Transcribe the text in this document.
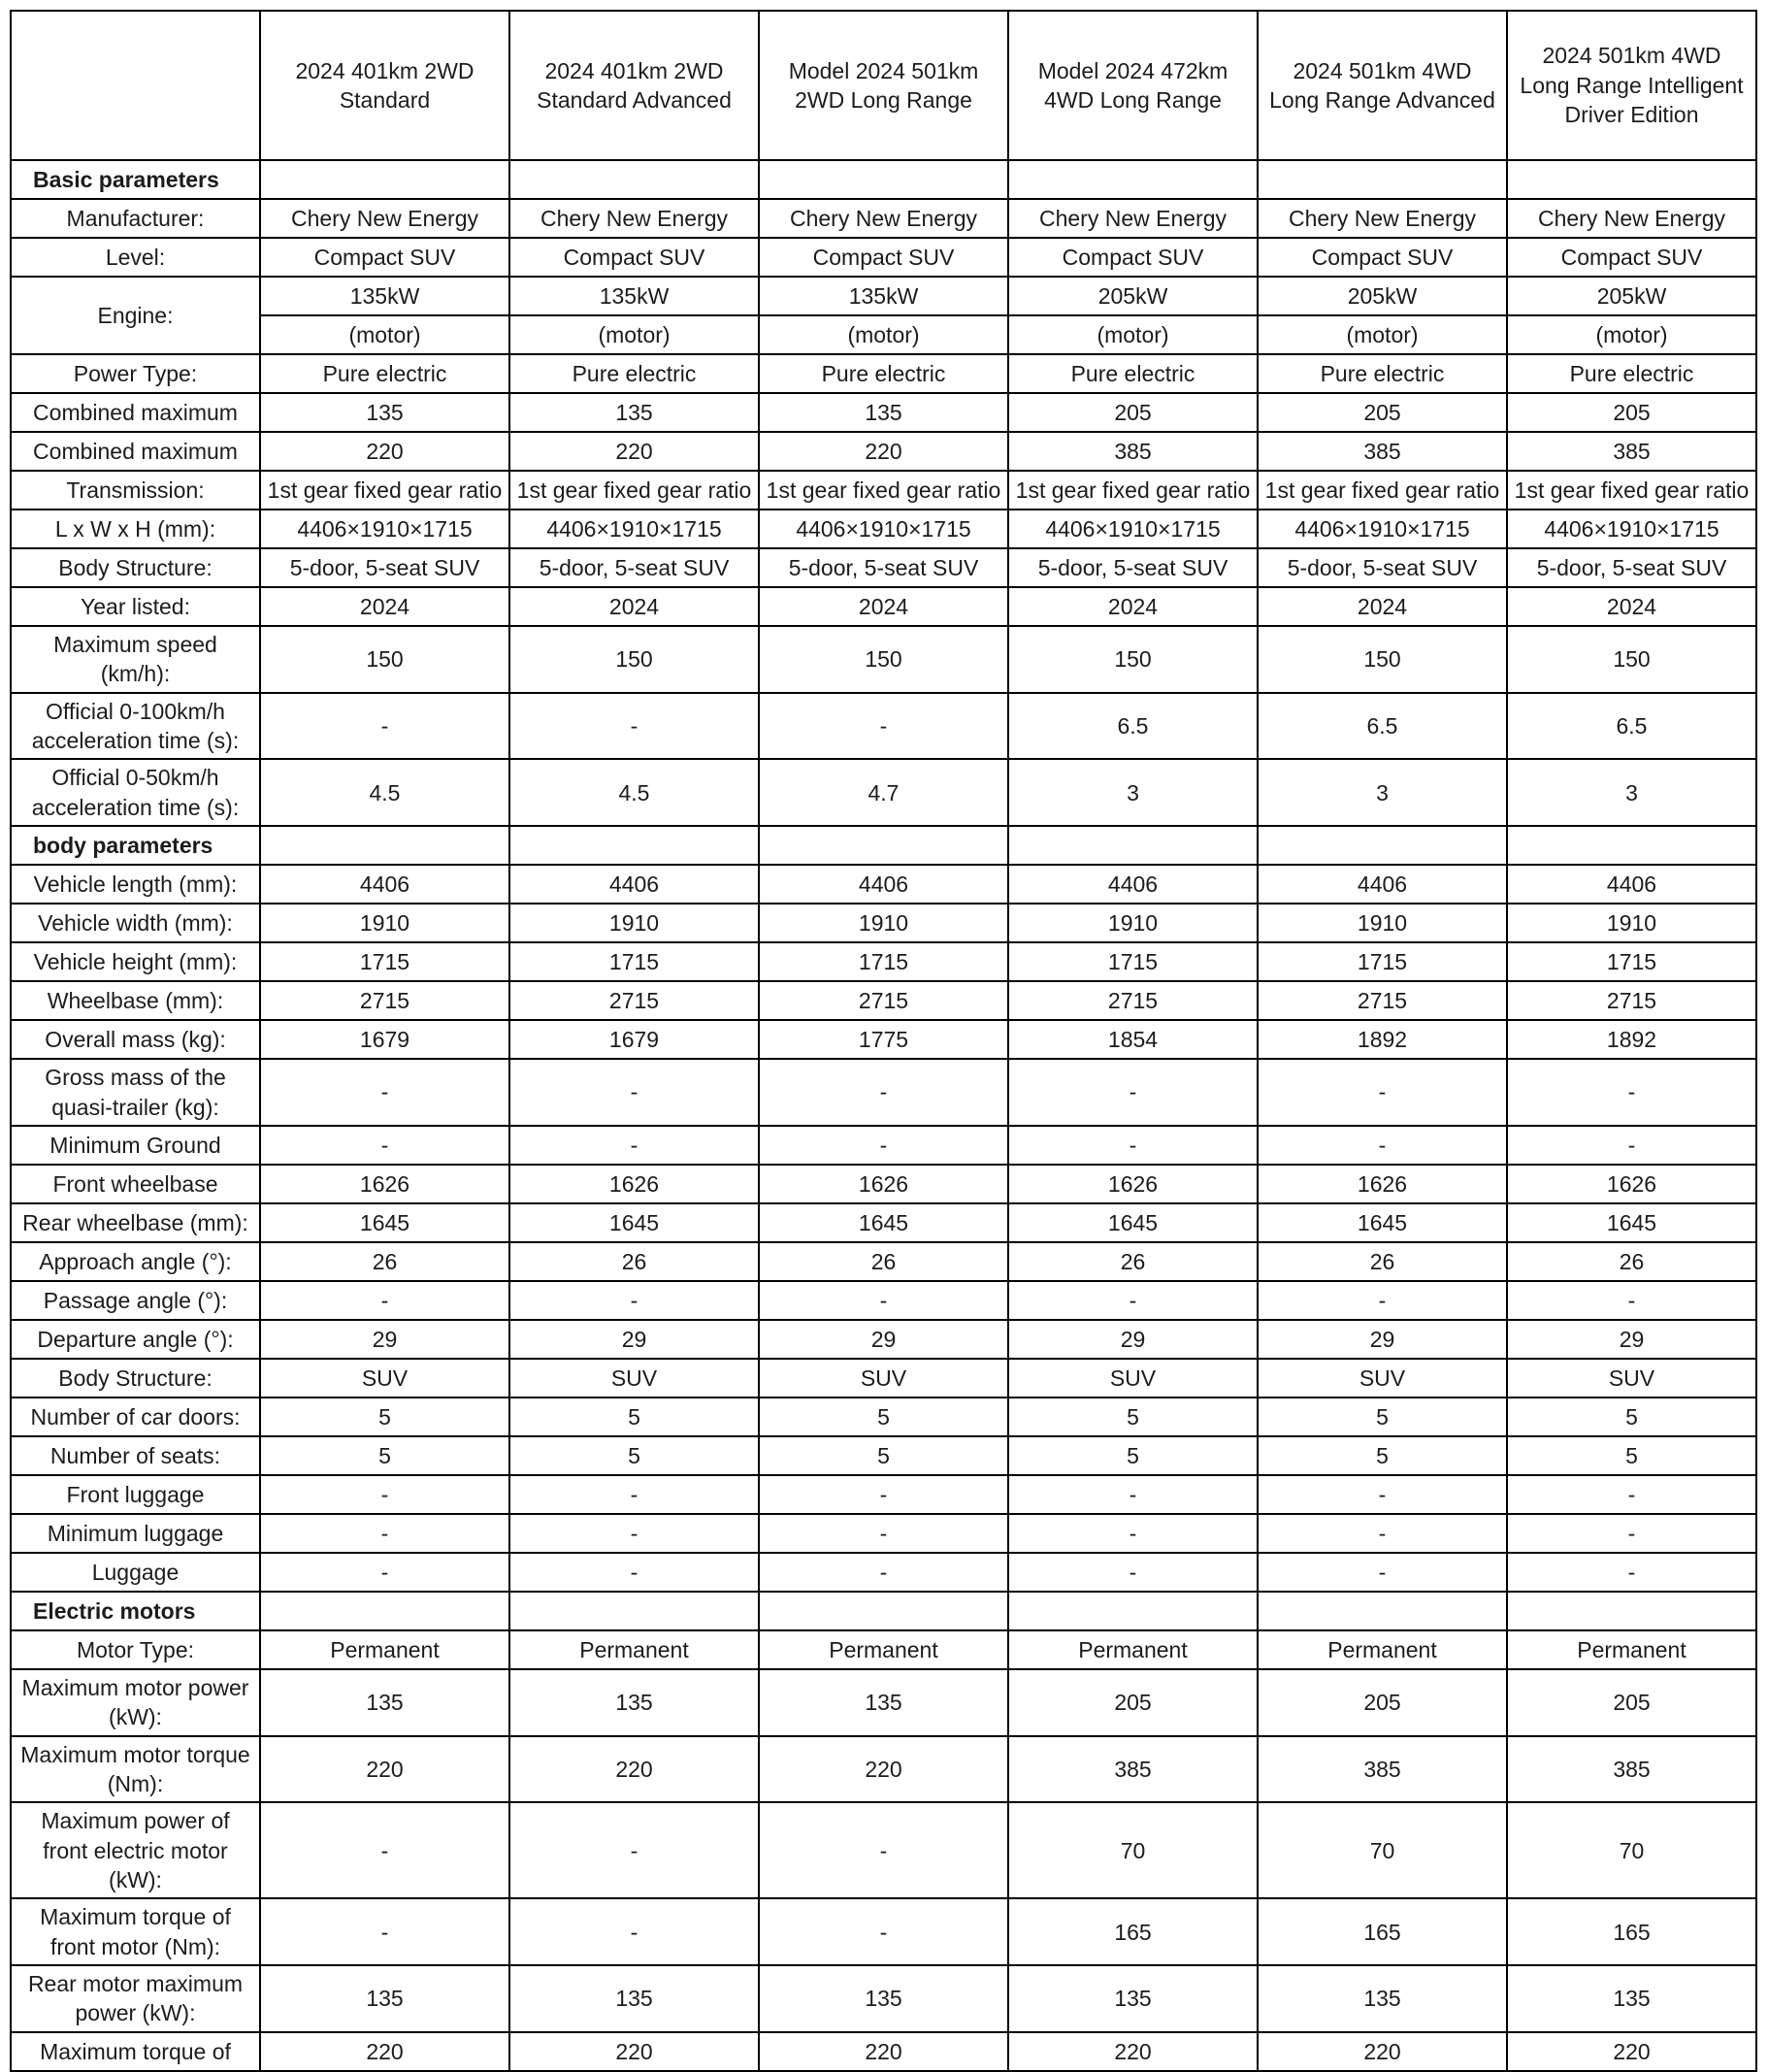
	2024 401km 2WD Standard	2024 401km 2WD Standard Advanced	Model 2024 501km 2WD Long Range	Model 2024 472km 4WD Long Range	2024 501km 4WD Long Range Advanced	2024 501km 4WD Long Range Intelligent Driver Edition
Basic parameters						
Manufacturer:	Chery New Energy	Chery New Energy	Chery New Energy	Chery New Energy	Chery New Energy	Chery New Energy
Level:	Compact SUV	Compact SUV	Compact SUV	Compact SUV	Compact SUV	Compact SUV
Engine:	135kW	135kW	135kW	205kW	205kW	205kW
	(motor)	(motor)	(motor)	(motor)	(motor)	(motor)
Power Type:	Pure electric	Pure electric	Pure electric	Pure electric	Pure electric	Pure electric
Combined maximum	135	135	135	205	205	205
Combined maximum	220	220	220	385	385	385
Transmission:	1st gear fixed gear ratio	1st gear fixed gear ratio	1st gear fixed gear ratio	1st gear fixed gear ratio	1st gear fixed gear ratio	1st gear fixed gear ratio
L x W x H (mm):	4406×1910×1715	4406×1910×1715	4406×1910×1715	4406×1910×1715	4406×1910×1715	4406×1910×1715
Body Structure:	5-door, 5-seat SUV	5-door, 5-seat SUV	5-door, 5-seat SUV	5-door, 5-seat SUV	5-door, 5-seat SUV	5-door, 5-seat SUV
Year listed:	2024	2024	2024	2024	2024	2024
Maximum speed (km/h):	150	150	150	150	150	150
Official 0-100km/h acceleration time (s):	-	-	-	6.5	6.5	6.5
Official 0-50km/h acceleration time (s):	4.5	4.5	4.7	3	3	3
body parameters						
Vehicle length (mm):	4406	4406	4406	4406	4406	4406
Vehicle width (mm):	1910	1910	1910	1910	1910	1910
Vehicle height (mm):	1715	1715	1715	1715	1715	1715
Wheelbase (mm):	2715	2715	2715	2715	2715	2715
Overall mass (kg):	1679	1679	1775	1854	1892	1892
Gross mass of the quasi-trailer (kg):	-	-	-	-	-	-
Minimum Ground	-	-	-	-	-	-
Front wheelbase	1626	1626	1626	1626	1626	1626
Rear wheelbase (mm):	1645	1645	1645	1645	1645	1645
Approach angle (°):	26	26	26	26	26	26
Passage angle (°):	-	-	-	-	-	-
Departure angle (°):	29	29	29	29	29	29
Body Structure:	SUV	SUV	SUV	SUV	SUV	SUV
Number of car doors:	5	5	5	5	5	5
Number of seats:	5	5	5	5	5	5
Front luggage	-	-	-	-	-	-
Minimum luggage	-	-	-	-	-	-
Luggage	-	-	-	-	-	-
Electric motors						
Motor Type:	Permanent	Permanent	Permanent	Permanent	Permanent	Permanent
Maximum motor power (kW):	135	135	135	205	205	205
Maximum motor torque (Nm):	220	220	220	385	385	385
Maximum power of front electric motor (kW):	-	-	-	70	70	70
Maximum torque of front motor (Nm):	-	-	-	165	165	165
Rear motor maximum power (kW):	135	135	135	135	135	135
Maximum torque of	220	220	220	220	220	220
